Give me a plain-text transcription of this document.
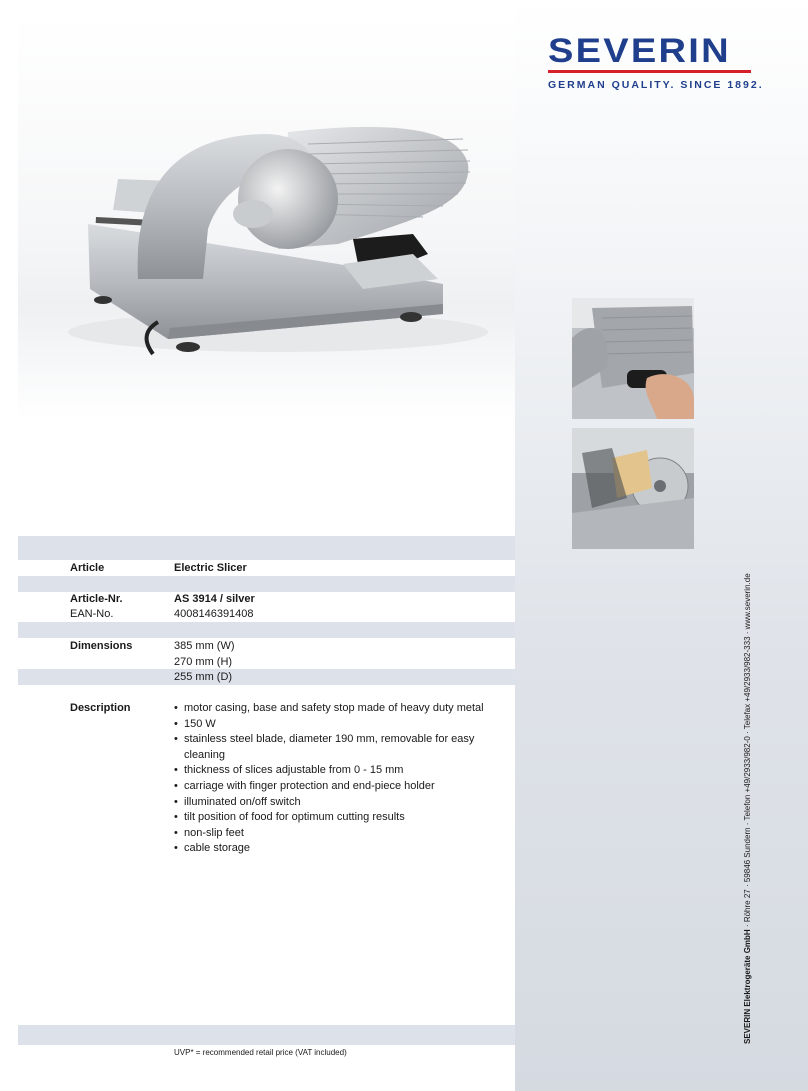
SEVERIN
GERMAN QUALITY. SINCE 1892.
Article	Electric Slicer
Article-Nr.	AS 3914 / silver
EAN-No.	4008146391408
Dimensions	385 mm (W)
270 mm (H)
255 mm (D)
Description
•	motor casing, base and safety stop made of heavy duty metal
• 150 W
• stainless steel blade, diameter 190 mm, removable for easy cleaning
• thickness of slices adjustable from 0 - 15 mm
• carriage with finger protection and end-piece holder
• illuminated on/off switch
• tilt position of food for optimum cutting results
• non-slip feet
• cable storage
UVP* = recommended retail price (VAT included)
SEVERIN Elektrogeräte GmbH · Röhre 27 · 59846 Sundern · Telefon +49/2933/982-0 · Telefax +49/2933/982-333 · www.severin.de
